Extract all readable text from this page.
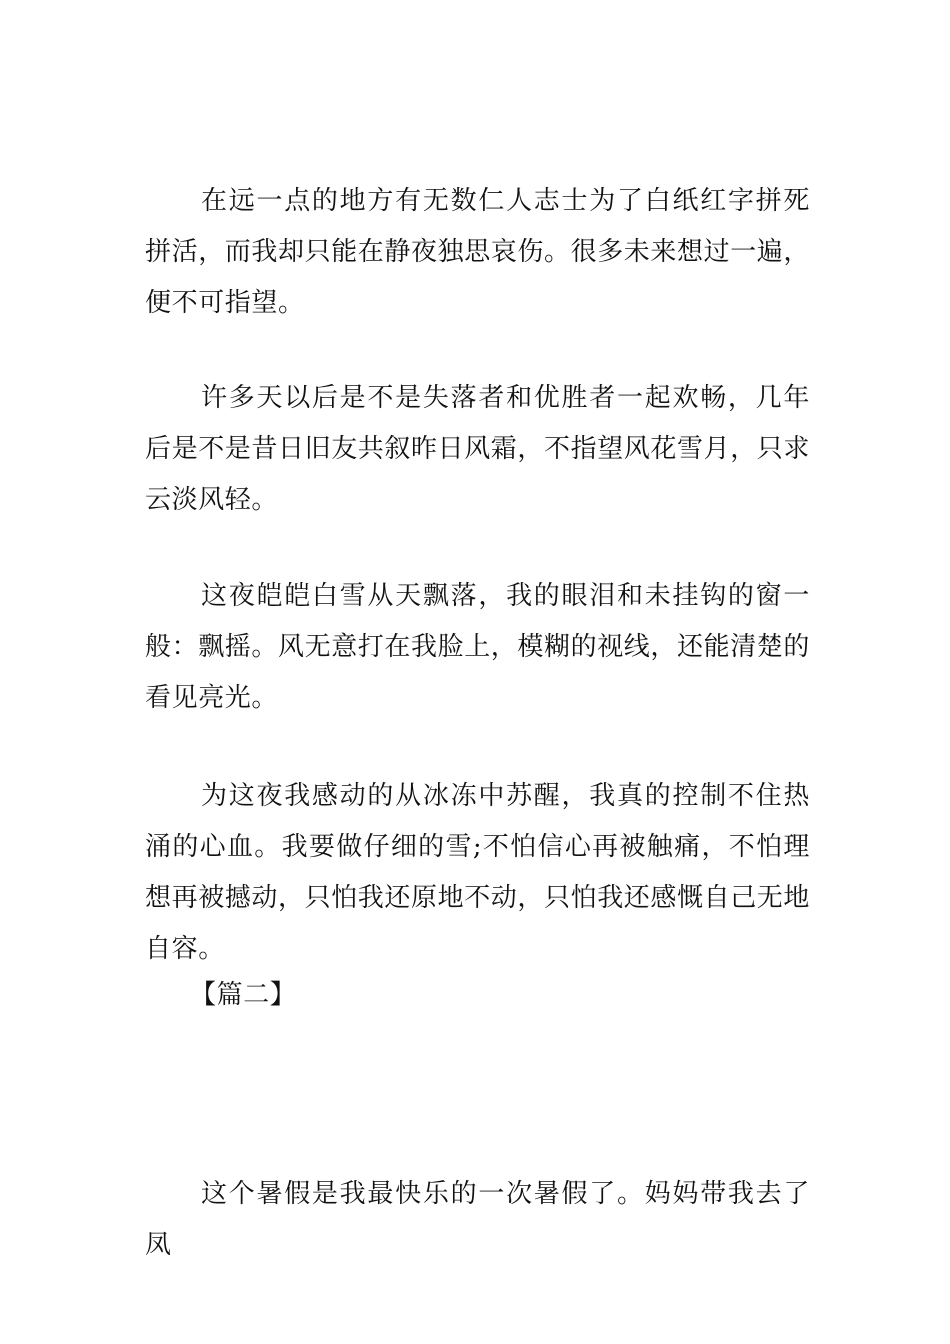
在远一点的地方有无数仁人志士为了白纸红字拼死拼活，而我却只能在静夜独思哀伤。很多未来想过一遍，便不可指望。

许多天以后是不是失落者和优胜者一起欢畅，几年后是不是昔日旧友共叙昨日风霜，不指望风花雪月，只求云淡风轻。

这夜皑皑白雪从天飘落，我的眼泪和未挂钩的窗一般：飘摇。风无意打在我脸上，模糊的视线，还能清楚的看见亮光。

为这夜我感动的从冰冻中苏醒，我真的控制不住热涌的心血。我要做仔细的雪;不怕信心再被触痛，不怕理想再被撼动，只怕我还原地不动，只怕我还感慨自己无地自容。

【篇二】

这个暑假是我最快乐的一次暑假了。妈妈带我去了凤
